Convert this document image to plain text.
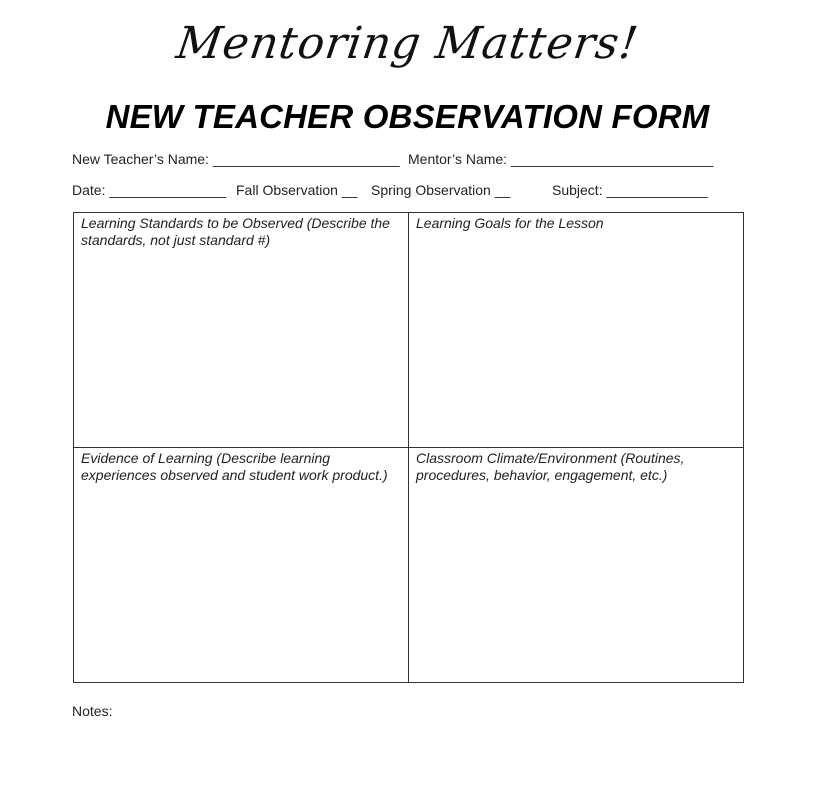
Mentoring Matters!
NEW TEACHER OBSERVATION FORM

New Teacher’s Name: ________________________

Mentor’s Name: __________________________

Date: _______________

Fall Observation __

Spring Observation __

	Subject: _____________

Learning Standards to be Observed (Describe the standards, not just standard #)
Learning Goals for the Lesson
Evidence of Learning (Describe learning experiences observed and student work product.)
Classroom Climate/Environment (Routines, procedures, behavior, engagement, etc.)
Notes:
